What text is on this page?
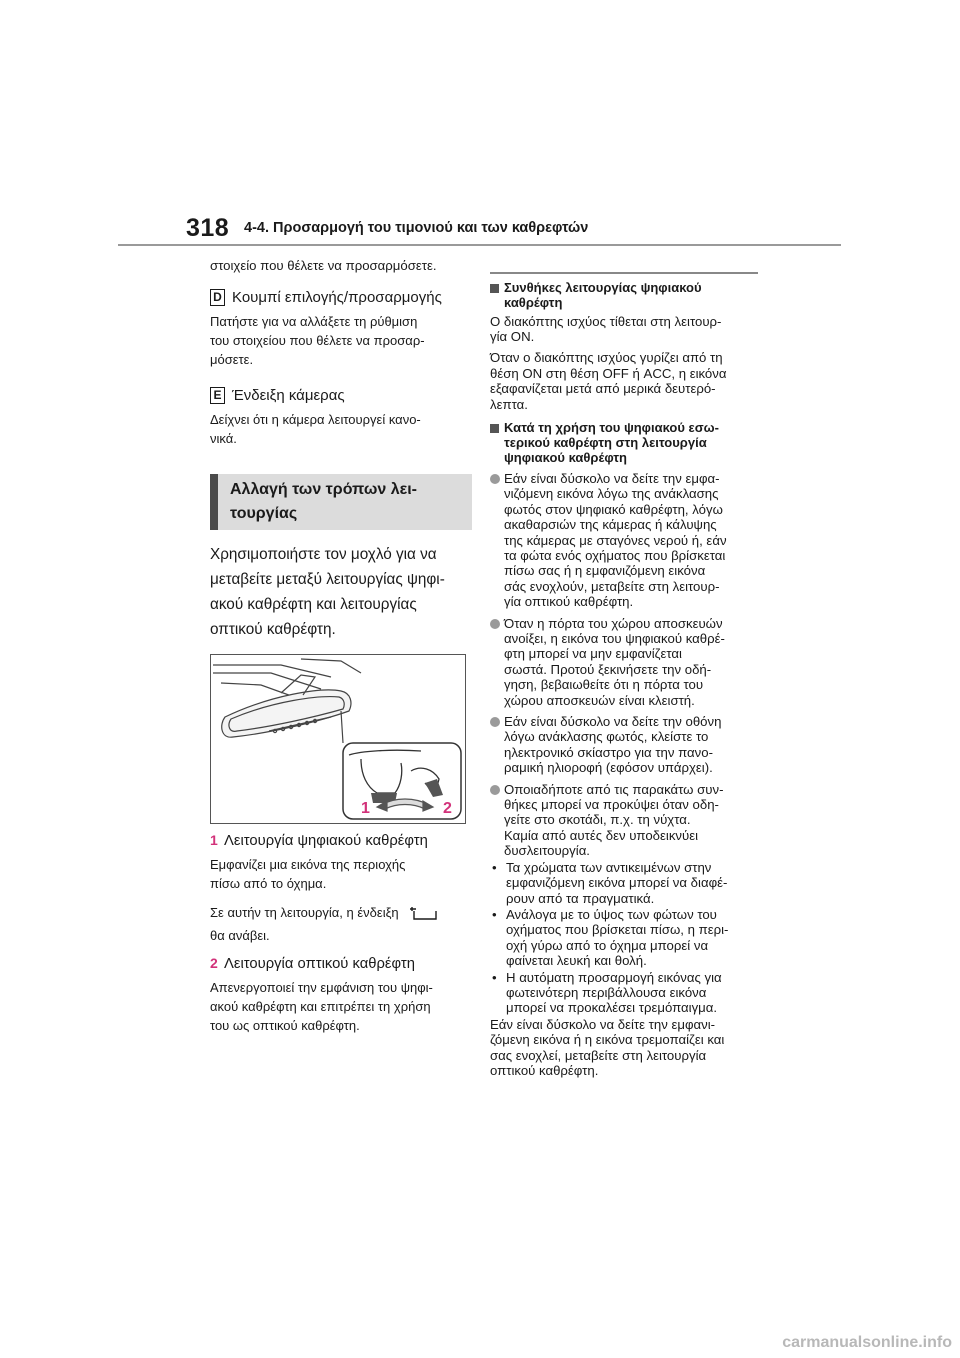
318 4-4. Προσαρμογή του τιμονιού και των καθρεφτών

στοιχείο που θέλετε να προσαρμόσετε.

D Κουμπί επιλογής/προσαρμογής
Πατήστε για να αλλάξετε τη ρύθμιση
του στοιχείου που θέλετε να προσαρ-
μόσετε.
E Ένδειξη κάμερας
Δείχνει ότι η κάμερα λειτουργεί κανο-
νικά.
Αλλαγή των τρόπων λει-
τουργίας
Χρησιμοποιήστε τον μοχλό για να
μεταβείτε μεταξύ λειτουργίας ψηφι-
ακού καθρέφτη και λειτουργίας
οπτικού καθρέφτη.
1	2
1 Λειτουργία ψηφιακού καθρέφτη
Εμφανίζει μια εικόνα της περιοχής
πίσω από το όχημα.
Σε αυτήν τη λειτουργία, η ένδειξη
θα ανάβει.
2 Λειτουργία οπτικού καθρέφτη
Απενεργοποιεί την εμφάνιση του ψηφι-
ακού καθρέφτη και επιτρέπει τη χρήση
του ως οπτικού καθρέφτη.
Συνθήκες λειτουργίας ψηφιακού
καθρέφτη
Ο διακόπτης ισχύος τίθεται στη λειτουρ-
γία ON.
Όταν ο διακόπτης ισχύος γυρίζει από τη
θέση ON στη θέση OFF ή ACC, η εικόνα
εξαφανίζεται μετά από μερικά δευτερό-
λεπτα.
Κατά τη χρήση του ψηφιακού εσω-
τερικού καθρέφτη στη λειτουργία
ψηφιακού καθρέφτη
Εάν είναι δύσκολο να δείτε την εμφα-
νιζόμενη εικόνα λόγω της ανάκλασης
φωτός στον ψηφιακό καθρέφτη, λόγω
ακαθαρσιών της κάμερας ή κάλυψης
της κάμερας με σταγόνες νερού ή, εάν
τα φώτα ενός οχήματος που βρίσκεται
πίσω σας ή η εμφανιζόμενη εικόνα
σάς ενοχλούν, μεταβείτε στη λειτουρ-
γία οπτικού καθρέφτη.
Όταν η πόρτα του χώρου αποσκευών
ανοίξει, η εικόνα του ψηφιακού καθρέ-
φτη μπορεί να μην εμφανίζεται
σωστά. Προτού ξεκινήσετε την οδή-
γηση, βεβαιωθείτε ότι η πόρτα του
χώρου αποσκευών είναι κλειστή.
Εάν είναι δύσκολο να δείτε την οθόνη
λόγω ανάκλασης φωτός, κλείστε το
ηλεκτρονικό σκίαστρο για την πανο-
ραμική ηλιοροφή (εφόσον υπάρχει).
Οποιαδήποτε από τις παρακάτω συν-
θήκες μπορεί να προκύψει όταν οδη-
γείτε στο σκοτάδι, π.χ. τη νύχτα.
Καμία από αυτές δεν υποδεικνύει
δυσλειτουργία.
• Τα χρώματα των αντικειμένων στην
εμφανιζόμενη εικόνα μπορεί να διαφέ-
ρουν από τα πραγματικά.
• Ανάλογα με το ύψος των φώτων του
οχήματος που βρίσκεται πίσω, η περι-
οχή γύρω από το όχημα μπορεί να
φαίνεται λευκή και θολή.
• Η αυτόματη προσαρμογή εικόνας για
φωτεινότερη περιβάλλουσα εικόνα
μπορεί να προκαλέσει τρεμόπαιγμα.
Εάν είναι δύσκολο να δείτε την εμφανι-
ζόμενη εικόνα ή η εικόνα τρεμοπαίζει και
σας ενοχλεί, μεταβείτε στη λειτουργία
οπτικού καθρέφτη.
carmanualsonline.info
